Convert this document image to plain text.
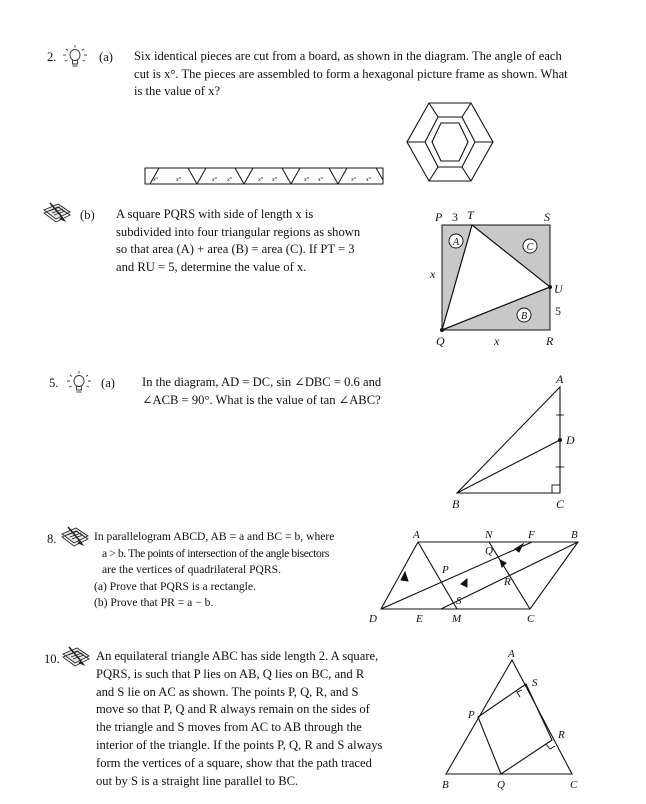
2.	(a) Six identical pieces are cut from a board, as shown in the diagram. The angle of each
cut is x°. The pieces are assembled to form a hexagonal picture frame as shown. What
is the value of x?
x°	x°	x° x°	x° x°	x° x°	x° x°
(b) A square PQRS with side of length x is
subdivided into four triangular regions as shown
so that area (A) + area (B) = area (C). If PT = 3
and RU = 5, determine the value of x.
P 3 T	S
x
U
5
Q	x	R
A	C
B
5.	(a) In the diagram, AD = DC, sin ∠DBC = 0.6 and
∠ACB = 90°. What is the value of tan ∠ABC?
A
D
B	C
8.	In parallelogram ABCD, AB = a and BC = b, where
a > b. The points of intersection of the angle bisectors
are the vertices of quadrilateral PQRS.
(a) Prove that PQRS is a rectangle.
(b) Prove that PR = a − b.
A	N	F	B
Q
P
R
S
D	E	M	C
10.	An equilateral triangle ABC has side length 2. A square,
PQRS, is such that P lies on AB, Q lies on BC, and R
and S lie on AC as shown. The points P, Q, R, and S
move so that P, Q and R always remain on the sides of
the triangle and S moves from AC to AB through the
interior of the triangle. If the points P, Q, R and S always
form the vertices of a square, show that the path traced
out by S is a straight line parallel to BC.
A
S
P
R
B	Q	C
